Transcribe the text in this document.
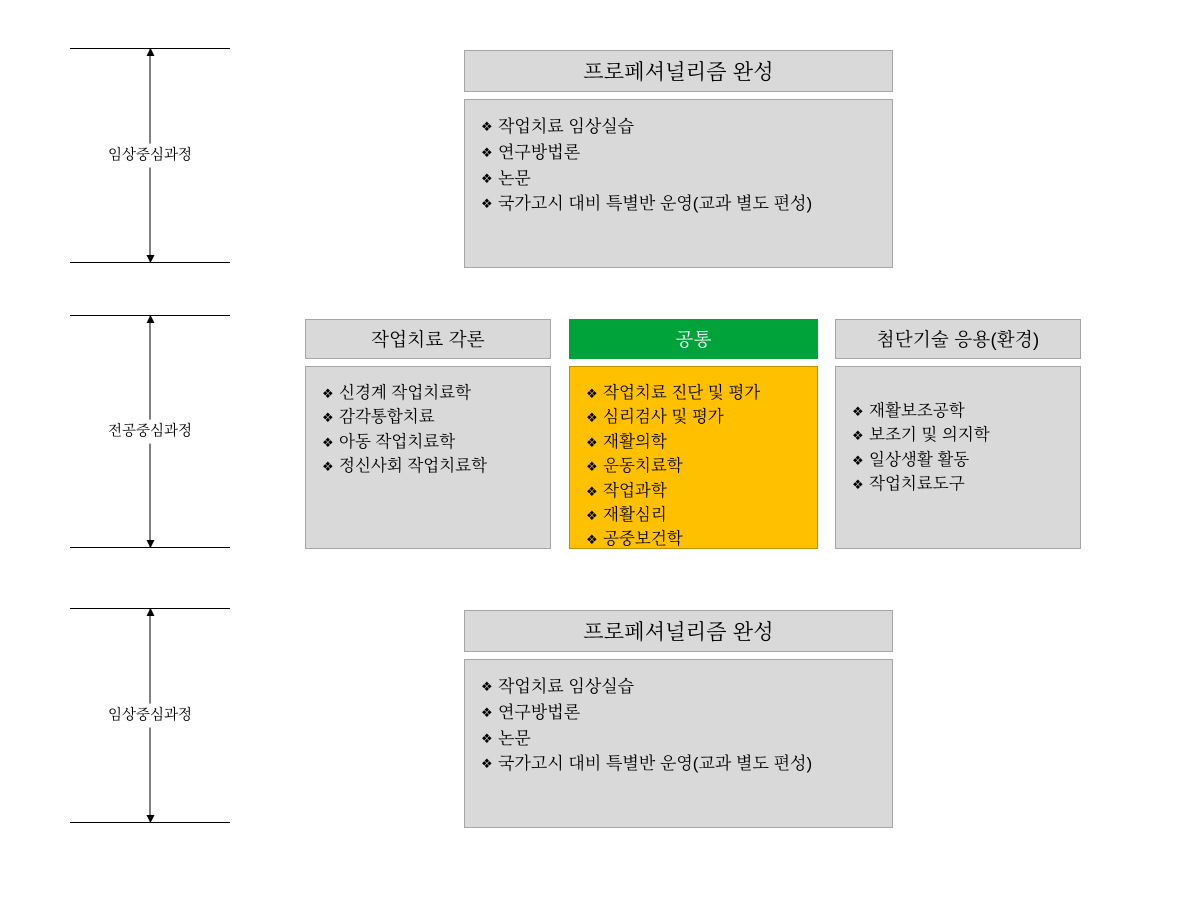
임상중심과정
전공중심과정
임상중심과정
프로페셔널리즘 완성
❖ 작업치료 임상실습
❖ 연구방법론
❖ 논문
❖ 국가고시 대비 특별반 운영(교과 별도 편성)
작업치료 각론
❖ 신경계 작업치료학
❖ 감각통합치료
❖ 아동 작업치료학
❖ 정신사회 작업치료학
공통
❖ 작업치료 진단 및 평가
❖ 심리검사 및 평가
❖ 재활의학
❖ 운동치료학
❖ 작업과학
❖ 재활심리
❖ 공중보건학
첨단기술 응용(환경)
❖ 재활보조공학
❖ 보조기 및 의지학
❖ 일상생활 활동
❖ 작업치료도구
프로페셔널리즘 완성
❖ 작업치료 임상실습
❖ 연구방법론
❖ 논문
❖ 국가고시 대비 특별반 운영(교과 별도 편성)
